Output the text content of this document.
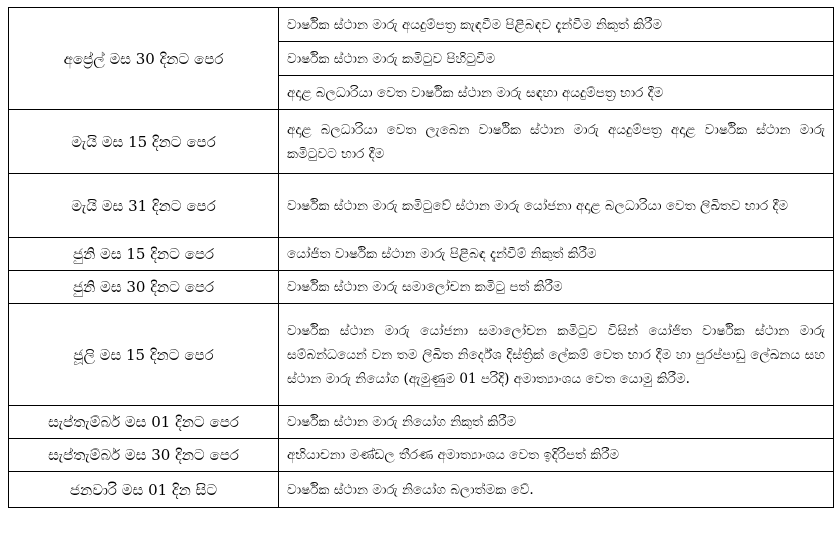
අප්‍රේල් මස 30 දිනට පෙර	වාර්ෂික ස්ථාන මාරු අයදුම්පත්‍ර කැඳවීම පිළිබඳව දැන්වීම නිකුත් කිරීම
	වාර්ෂික ස්ථාන මාරු කමිටුව පිහිටුවීම
	අදාළ බලධාරියා වෙත වාර්ෂික ස්ථාන මාරු සඳහා අයදුම්පත්‍ර භාර දීම
මැයි මස 15 දිනට පෙර	අදාළ බලධාරියා වෙත ලැබෙන වාර්ෂික ස්ථාන මාරු අයදුම්පත්‍ර අදාළ වාර්ෂික ස්ථාන මාරු කමිටුවට භාර දීම
මැයි මස 31 දිනට පෙර	වාර්ෂික ස්ථාන මාරු කමිටුවේ ස්ථාන මාරු යෝජනා අදාළ බලධාරියා වෙත ලිඛිතව භාර දීම
ජුනි මස 15 දිනට පෙර	යෝජිත වාර්ෂික ස්ථාන මාරු පිළිබඳ දැන්වීම් නිකුත් කිරීම
ජුනි මස 30 දිනට පෙර	වාර්ෂික ස්ථාන මාරු සමාලෝචන කමිටු පත් කිරීම
ජූලි මස 15 දිනට පෙර	වාර්ෂික ස්ථාන මාරු යෝජනා සමාලෝචන කමිටුව විසින් යෝජිත වාර්ෂික ස්ථාන මාරු සම්බන්ධයෙන් වන තම ලිඛිත නිර්දේශ දිස්ත්‍රික් ලේකම් වෙත භාර දීම හා පුරප්පාඩු ලේඛනය සහ ස්ථාන මාරු නියෝග (ඇමුණුම 01 පරිදි) අමාත්‍යාංශය වෙත යොමු කිරීම.
සැප්තැම්බර් මස 01 දිනට පෙර	වාර්ෂික ස්ථාන මාරු නියෝග නිකුත් කිරීම
සැප්තැම්බර් මස 30 දිනට පෙර	අභියාචනා මණ්ඩල තීරණ අමාත්‍යාංශය වෙත ඉදිරිපත් කිරීම
ජනවාරි මස 01 දින සිට	වාර්ෂික ස්ථාන මාරු නියෝග බලාත්මක වේ.
